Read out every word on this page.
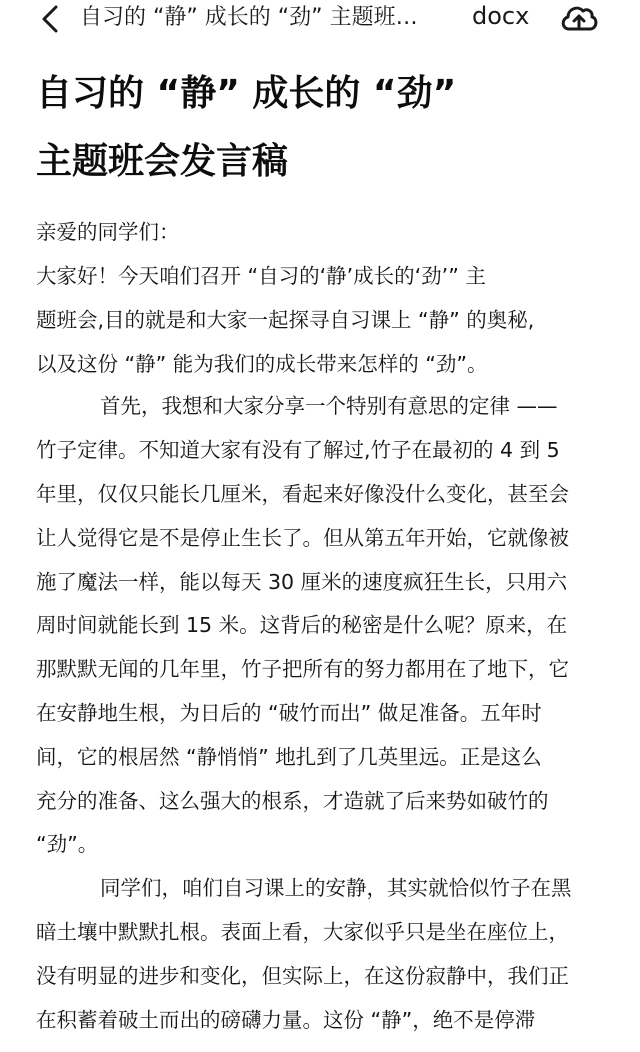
自习的 “静” 成长的 “劲” 主题班…	docx
自习的 “静” 成长的 “劲”
主题班会发言稿
亲爱的同学们：
大家好！今天咱们召开 “自习的‘静’成长的‘劲’” 主
题班会,目的就是和大家一起探寻自习课上 “静” 的奥秘,
以及这份 “静” 能为我们的成长带来怎样的 “劲”。
首先，我想和大家分享一个特别有意思的定律 ——
竹子定律。不知道大家有没有了解过,竹子在最初的 4 到 5
年里，仅仅只能长几厘米，看起来好像没什么变化，甚至会
让人觉得它是不是停止生长了。但从第五年开始，它就像被
施了魔法一样，能以每天 30 厘米的速度疯狂生长，只用六
周时间就能长到 15 米。这背后的秘密是什么呢？原来，在
那默默无闻的几年里，竹子把所有的努力都用在了地下，它
在安静地生根，为日后的 “破竹而出” 做足准备。五年时
间，它的根居然 “静悄悄” 地扎到了几英里远。正是这么
充分的准备、这么强大的根系，才造就了后来势如破竹的
“劲”。
同学们，咱们自习课上的安静，其实就恰似竹子在黑
暗土壤中默默扎根。表面上看，大家似乎只是坐在座位上，
没有明显的进步和变化，但实际上，在这份寂静中，我们正
在积蓄着破土而出的磅礴力量。这份 “静”，绝不是停滞
